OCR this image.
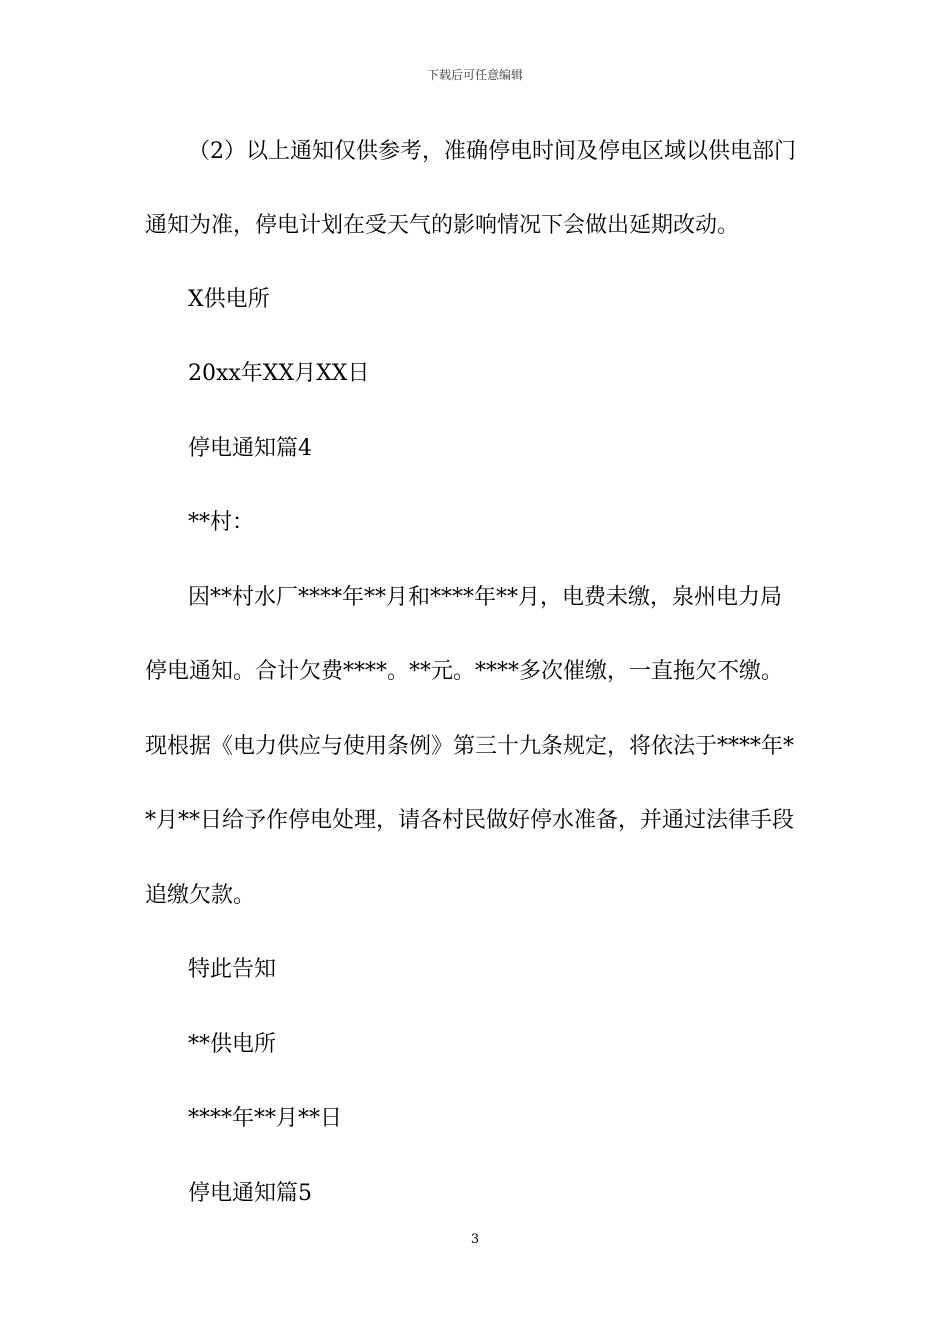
下载后可任意编辑
（2）以上通知仅供参考，准确停电时间及停电区域以供电部门
通知为准，停电计划在受天气的影响情况下会做出延期改动。
X供电所
20xx年XX月XX日
停电通知篇4
**村：
因**村水厂****年**月和****年**月，电费未缴，泉州电力局
停电通知。合计欠费****。**元。****多次催缴，一直拖欠不缴。
现根据《电力供应与使用条例》第三十九条规定，将依法于****年*
*月**日给予作停电处理，请各村民做好停水准备，并通过法律手段
追缴欠款。
特此告知
**供电所
****年**月**日
停电通知篇5
3
